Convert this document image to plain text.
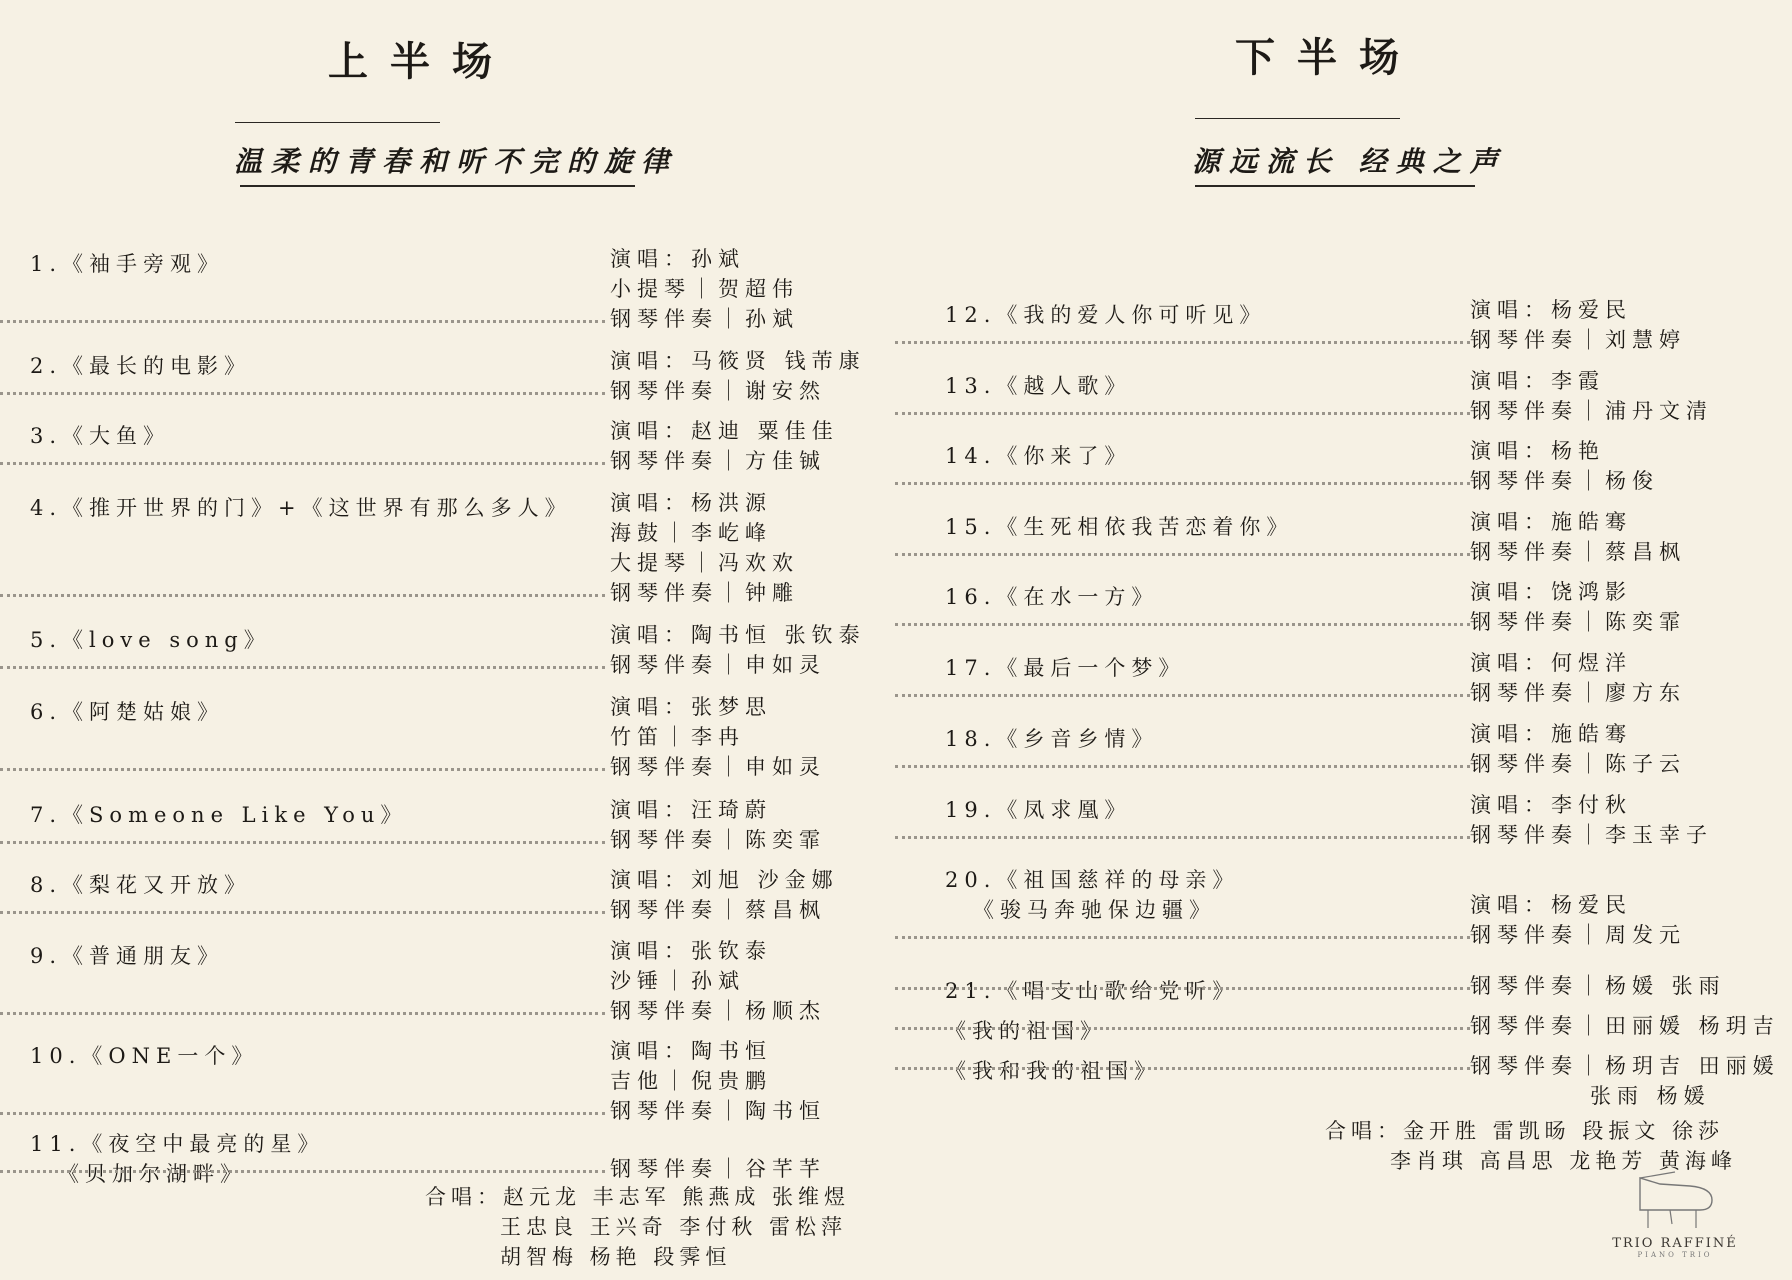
上半场
温柔的青春和听不完的旋律
下半场
源远流长 经典之声
1.《袖手旁观》	演唱：孙斌
小提琴｜贺超伟
钢琴伴奏｜孙斌
2.《最长的电影》	演唱：马筱贤 钱芾康
钢琴伴奏｜谢安然
3.《大鱼》	演唱：赵迪 粟佳佳
钢琴伴奏｜方佳铖
4.《推开世界的门》+《这世界有那么多人》 演唱：杨洪源
海鼓｜李屹峰
大提琴｜冯欢欢
钢琴伴奏｜钟雕
5.《love song》	演唱：陶书恒 张钦泰
钢琴伴奏｜申如灵
6.《阿楚姑娘》	演唱：张梦思
竹笛｜李冉
钢琴伴奏｜申如灵
7.《Someone Like You》	演唱：汪琦蔚
钢琴伴奏｜陈奕霏
8.《梨花又开放》	演唱：刘旭 沙金娜
钢琴伴奏｜蔡昌枫
9.《普通朋友》	演唱：张钦泰
沙锤｜孙斌
钢琴伴奏｜杨顺杰
10.《ONE一个》	演唱：陶书恒
吉他｜倪贵鹏
钢琴伴奏｜陶书恒
11.《夜空中最亮的星》
《贝加尔湖畔》	钢琴伴奏｜谷芊芊
合唱：赵元龙 丰志军 熊燕成 张维煜
王忠良 王兴奇 李付秋 雷松萍
胡智梅 杨艳 段霁恒
12.《我的爱人你可听见》	演唱：杨爱民
钢琴伴奏｜刘慧婷
13.《越人歌》	演唱：李霞
钢琴伴奏｜浦丹文清
14.《你来了》	演唱：杨艳
钢琴伴奏｜杨俊
15.《生死相依我苦恋着你》	演唱：施皓骞
钢琴伴奏｜蔡昌枫
16.《在水一方》	演唱：饶鸿影
钢琴伴奏｜陈奕霏
17.《最后一个梦》	演唱：何煜洋
钢琴伴奏｜廖方东
18.《乡音乡情》	演唱：施皓骞
钢琴伴奏｜陈子云
19.《凤求凰》	演唱：李付秋
钢琴伴奏｜李玉幸子
20.《祖国慈祥的母亲》
《骏马奔驰保边疆》	演唱：杨爱民
钢琴伴奏｜周发元
21.《唱支山歌给党听》	钢琴伴奏｜杨媛 张雨
《我的祖国》	钢琴伴奏｜田丽媛 杨玥吉
《我和我的祖国》	钢琴伴奏｜杨玥吉 田丽媛
张雨 杨媛
合唱：金开胜 雷凯旸 段振文 徐莎
李肖琪 高昌思 龙艳芳 黄海峰
TRIO RAFFINÉ
PIANO TRIO
